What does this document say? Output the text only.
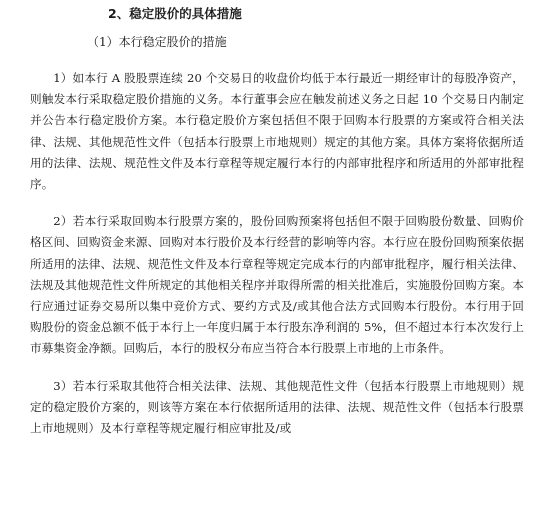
2、稳定股价的具体措施
（1）本行稳定股价的措施

1）如本行 A 股股票连续 20 个交易日的收盘价均低于本行最近一期经审计的每股净资产，则触发本行采取稳定股价措施的义务。本行董事会应在触发前述义务之日起 10 个交易日内制定并公告本行稳定股价方案。本行稳定股价方案包括但不限于回购本行股票的方案或符合相关法律、法规、其他规范性文件（包括本行股票上市地规则）规定的其他方案。具体方案将依据所适用的法律、法规、规范性文件及本行章程等规定履行本行的内部审批程序和所适用的外部审批程序。

2）若本行采取回购本行股票方案的，股份回购预案将包括但不限于回购股份数量、回购价格区间、回购资金来源、回购对本行股价及本行经营的影响等内容。本行应在股份回购预案依据所适用的法律、法规、规范性文件及本行章程等规定完成本行的内部审批程序，履行相关法律、法规及其他规范性文件所规定的其他相关程序并取得所需的相关批准后，实施股份回购方案。本行应通过证券交易所以集中竞价方式、要约方式及/或其他合法方式回购本行股份。本行用于回购股份的资金总额不低于本行上一年度归属于本行股东净利润的 5%，但不超过本行本次发行上市募集资金净额。回购后，本行的股权分布应当符合本行股票上市地的上市条件。

3）若本行采取其他符合相关法律、法规、其他规范性文件（包括本行股票上市地规则）规定的稳定股价方案的，则该等方案在本行依据所适用的法律、法规、规范性文件（包括本行股票上市地规则）及本行章程等规定履行相应审批及/或
